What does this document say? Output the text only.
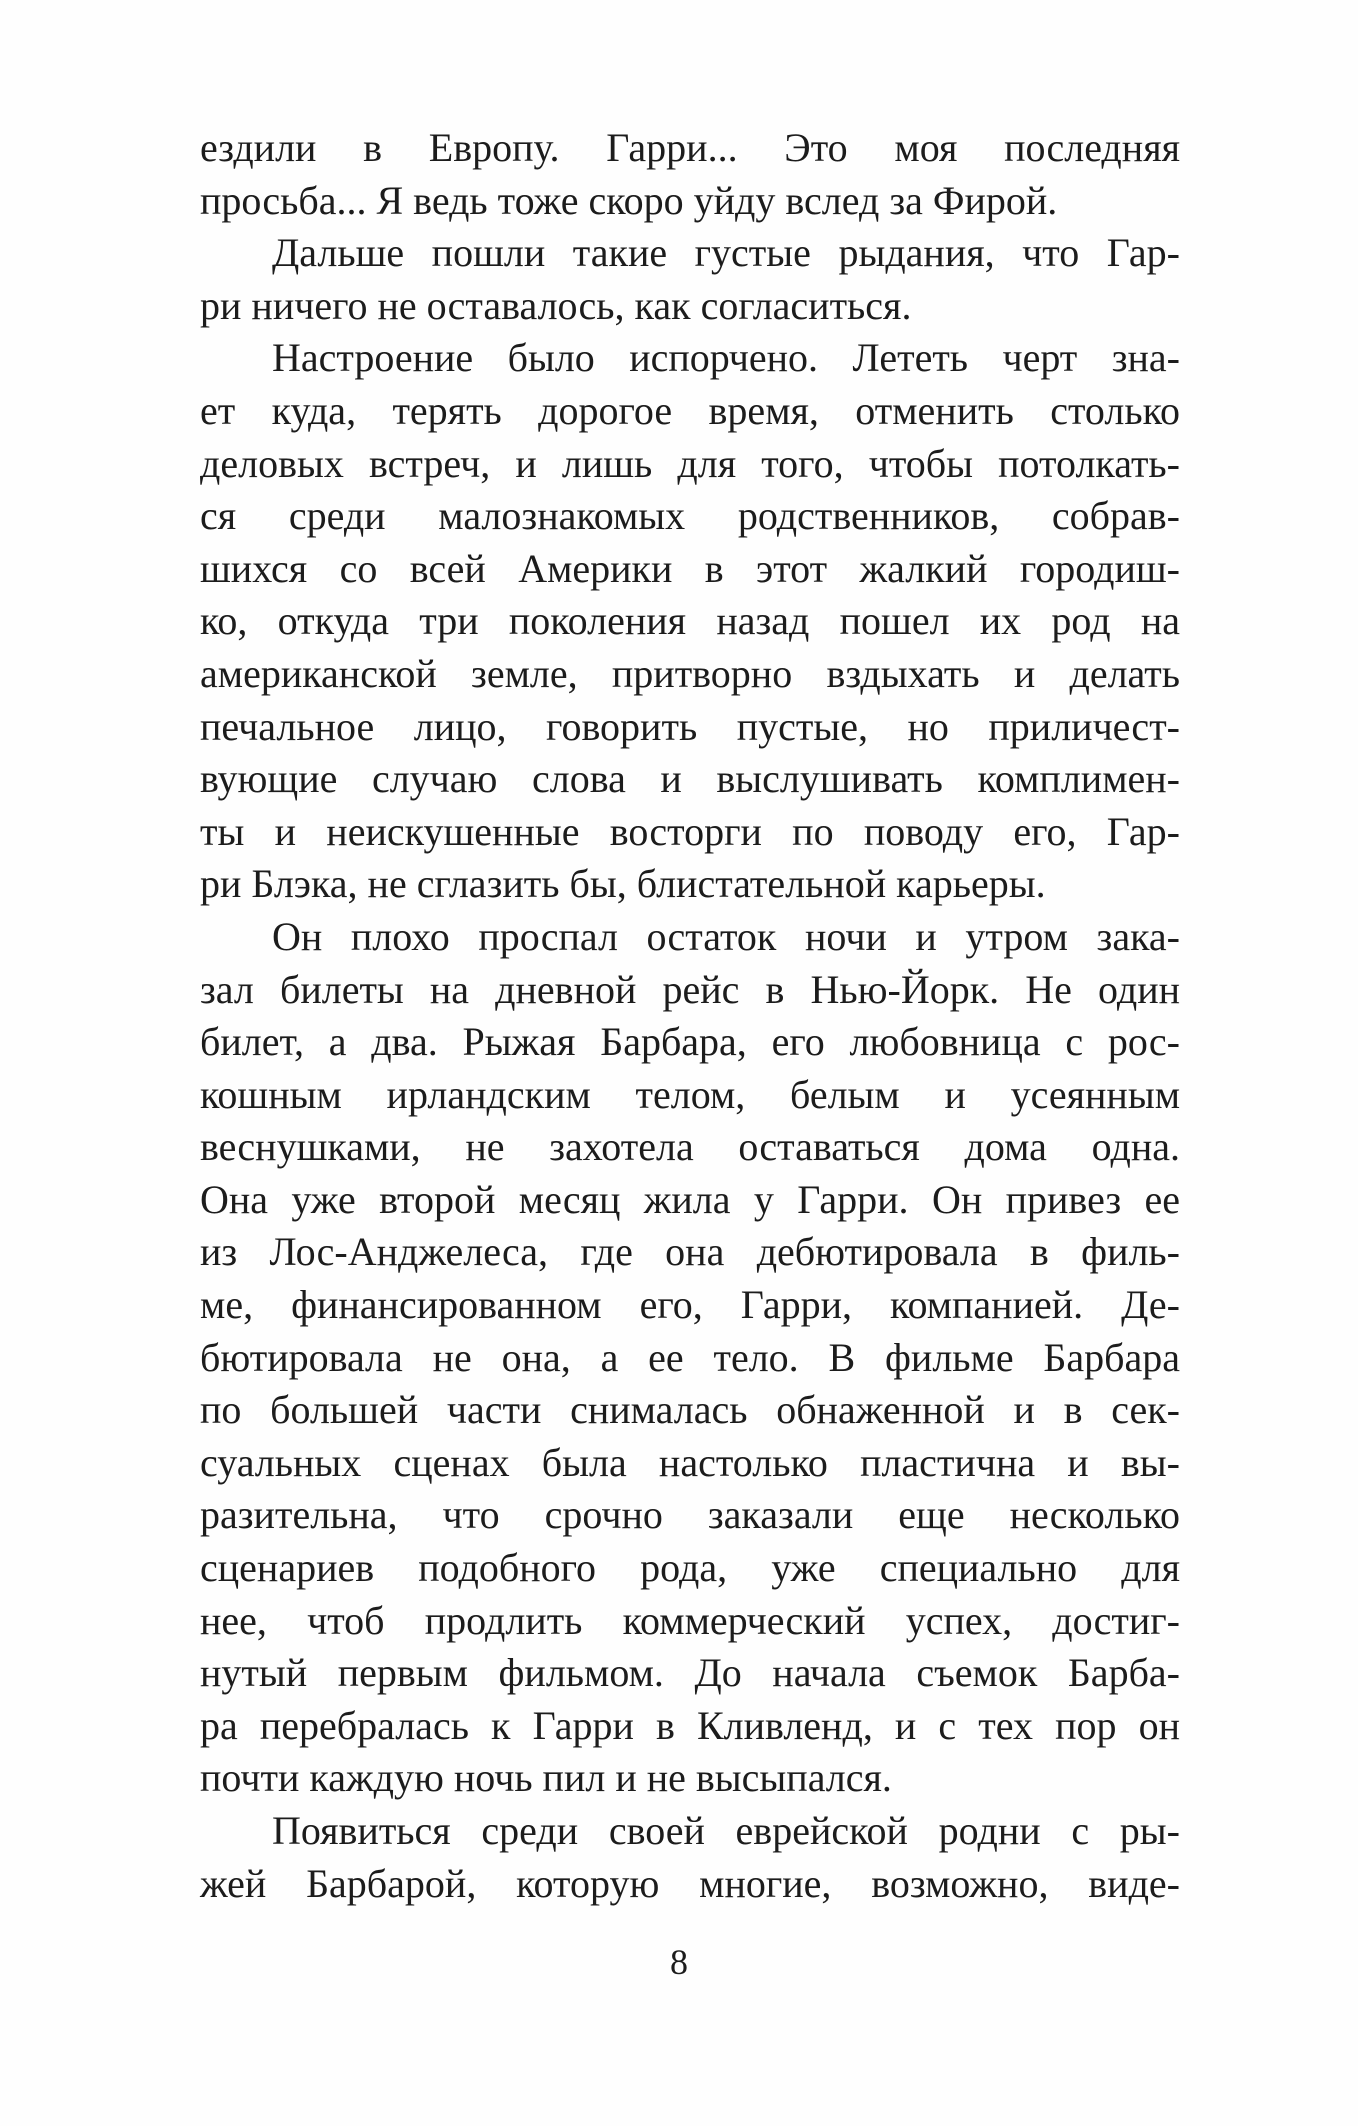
ездили в Европу. Гарри... Это моя последняя
просьба... Я ведь тоже скоро уйду вслед за Фирой.
Дальше пошли такие густые рыдания, что Гар-
ри ничего не оставалось, как согласиться.
Настроение было испорчено. Лететь черт зна-
ет куда, терять дорогое время, отменить столько
деловых встреч, и лишь для того, чтобы потолкать-
ся среди малознакомых родственников, собрав-
шихся со всей Америки в этот жалкий городиш-
ко, откуда три поколения назад пошел их род на
американской земле, притворно вздыхать и делать
печальное лицо, говорить пустые, но приличест-
вующие случаю слова и выслушивать комплимен-
ты и неискушенные восторги по поводу его, Гар-
ри Блэка, не сглазить бы, блистательной карьеры.
Он плохо проспал остаток ночи и утром зака-
зал билеты на дневной рейс в Нью-Йорк. Не один
билет, а два. Рыжая Барбара, его любовница с рос-
кошным ирландским телом, белым и усеянным
веснушками, не захотела оставаться дома одна.
Она уже второй месяц жила у Гарри. Он привез ее
из Лос-Анджелеса, где она дебютировала в филь-
ме, финансированном его, Гарри, компанией. Де-
бютировала не она, а ее тело. В фильме Барбара
по большей части снималась обнаженной и в сек-
суальных сценах была настолько пластична и вы-
разительна, что срочно заказали еще несколько
сценариев подобного рода, уже специально для
нее, чтоб продлить коммерческий успех, достиг-
нутый первым фильмом. До начала съемок Барба-
ра перебралась к Гарри в Кливленд, и с тех пор он
почти каждую ночь пил и не высыпался.
Появиться среди своей еврейской родни с ры-
жей Барбарой, которую многие, возможно, виде-
8
